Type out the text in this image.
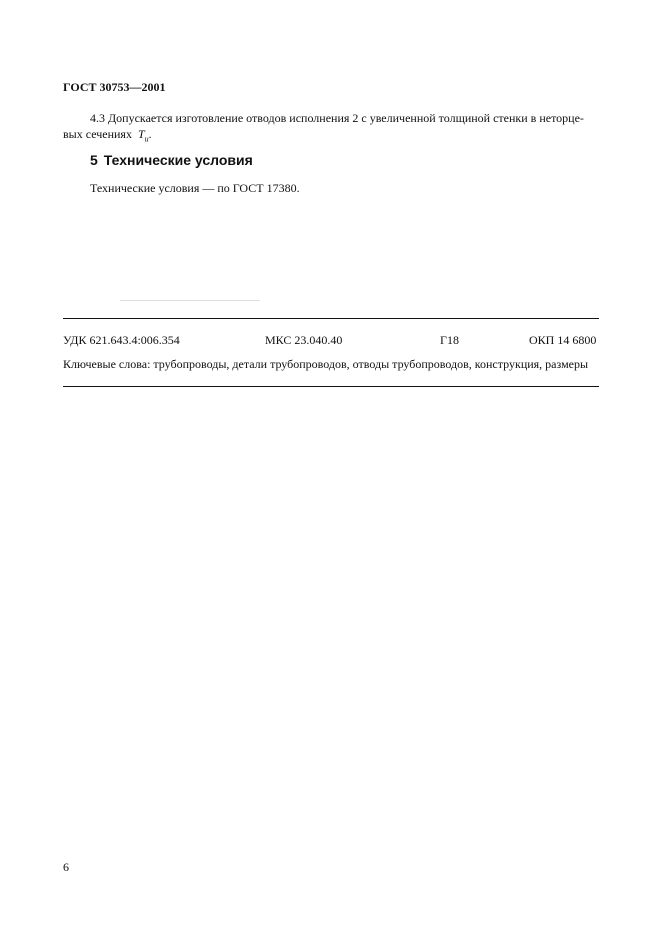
ГОСТ 30753—2001
4.3 Допускается изготовление отводов исполнения 2 с увеличенной толщиной стенки в неторце-
вых сечениях $T_и$.
5 Технические условия
Технические условия — по ГОСТ 17380.
УДК 621.643.4:006.354	МКС 23.040.40	Г18	ОКП 14 6800
Ключевые слова: трубопроводы, детали трубопроводов, отводы трубопроводов, конструкция, размеры
6
